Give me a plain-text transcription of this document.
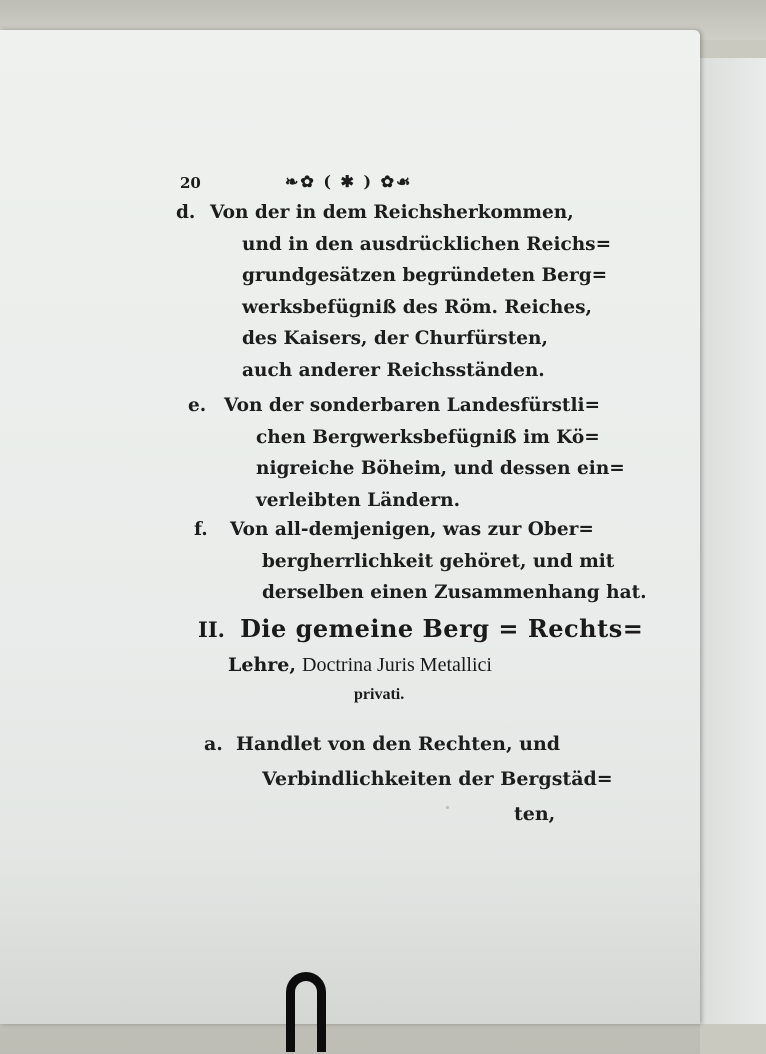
20	❧✿ ( ✱ ) ✿☙
d. Von der in dem Reichsherkommen,
und in den ausdrücklichen Reichs=
grundgesätzen begründeten Berg=
werksbefügniß des Röm. Reiches,
des Kaisers, der Churfürsten,
auch anderer Reichsständen.
e. Von der sonderbaren Landesfürstli=
chen Bergwerksbefügniß im Kö=
nigreiche Böheim, und dessen ein=
verleibten Ländern.
f. Von all-demjenigen, was zur Ober=
bergherrlichkeit gehöret, und mit
derselben einen Zusammenhang hat.
II. Die gemeine Berg = Rechts=
Lehre, Doctrina Juris Metallici
privati.
a. Handlet von den Rechten, und
Verbindlichkeiten der Bergstäd=
ten,
